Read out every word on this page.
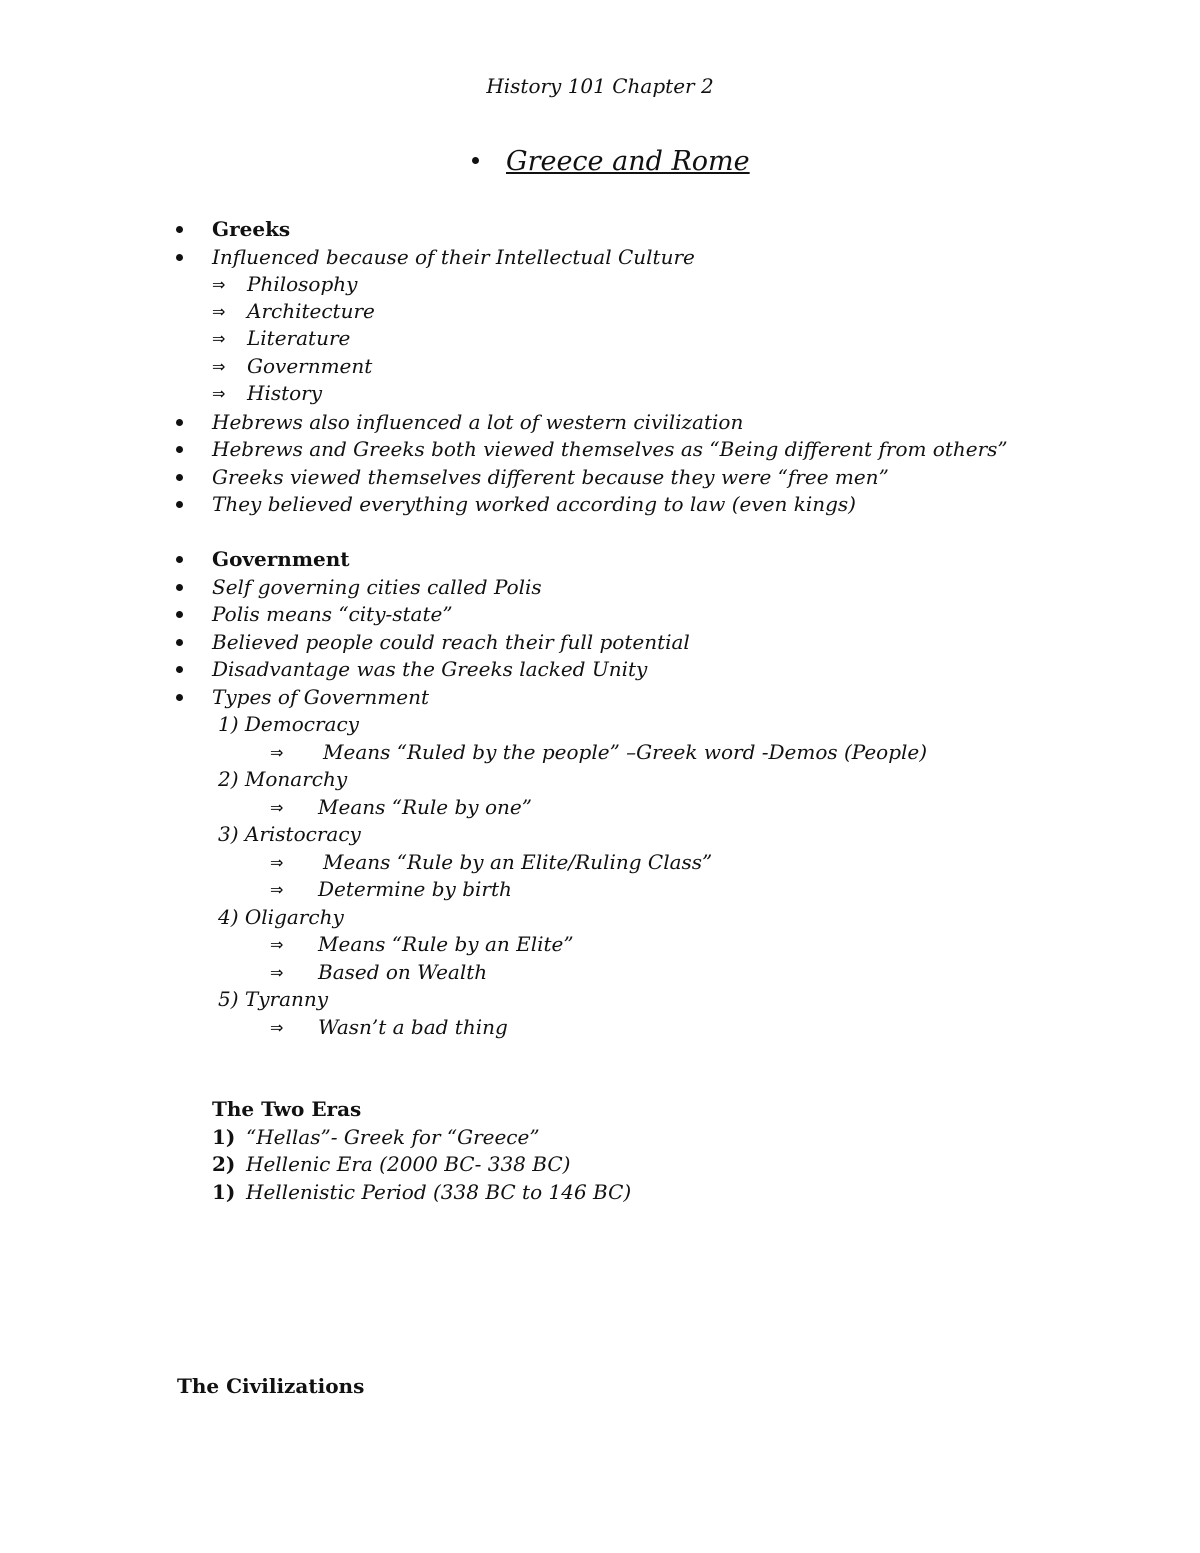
History 101 Chapter 2
Greece and Rome
Greeks
Influenced because of their Intellectual Culture
⇒ Philosophy
⇒ Architecture
⇒ Literature
⇒ Government
⇒ History
Hebrews also influenced a lot of western civilization
Hebrews and Greeks both viewed themselves as “Being different from others”
Greeks viewed themselves different because they were “free men”
They believed everything worked according to law (even kings)
Government
Self governing cities called Polis
Polis means “city-state”
Believed people could reach their full potential
Disadvantage was the Greeks lacked Unity
Types of Government
1) Democracy
⇒ Means “Ruled by the people” –Greek word -Demos (People)
2) Monarchy
⇒ Means “Rule by one”
3) Aristocracy
⇒ Means “Rule by an Elite/Ruling Class”
⇒ Determine by birth
4) Oligarchy
⇒ Means “Rule by an Elite”
⇒ Based on Wealth
5) Tyranny
⇒ Wasn’t a bad thing
The Two Eras
1) “Hellas”- Greek for “Greece”
2) Hellenic Era (2000 BC- 338 BC)
1) Hellenistic Period (338 BC to 146 BC)
The Civilizations
